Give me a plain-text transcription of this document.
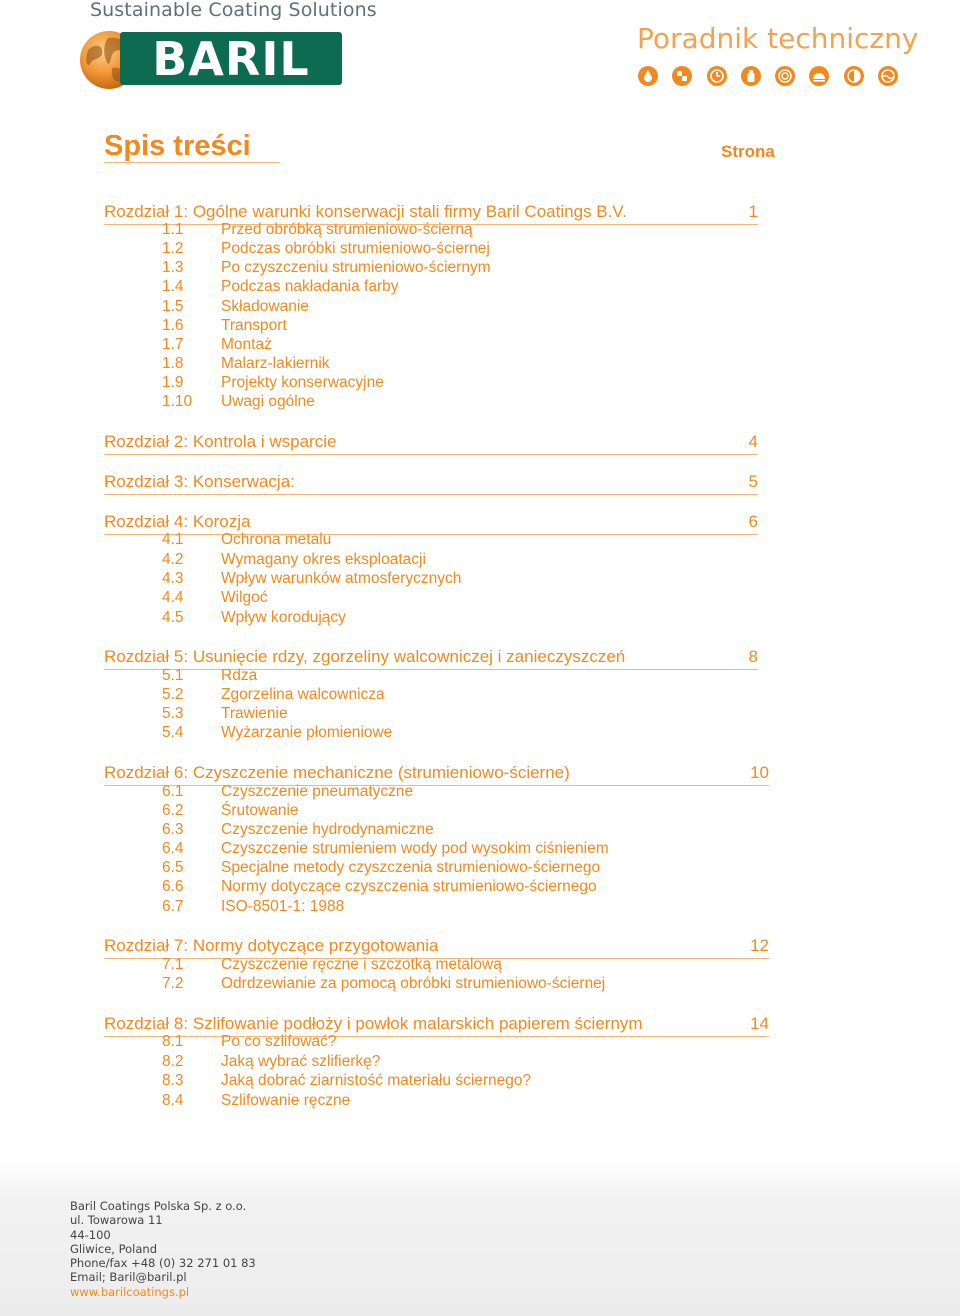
Sustainable Coating Solutions
BARIL	Poradnik techniczny
Spis treści	Strona
Rozdział 1: Ogólne warunki konserwacji stali firmy Baril Coatings B.V.	1
1.1 Przed obróbką strumieniowo-ścierną
1.2 Podczas obróbki strumieniowo-ściernej
1.3 Po czyszczeniu strumieniowo-ściernym
1.4 Podczas nakładania farby
1.5 Składowanie
1.6 Transport
1.7 Montaż
1.8 Malarz-lakiernik
1.9 Projekty konserwacyjne
1.10 Uwagi ogólne
Rozdział 2: Kontrola i wsparcie	4
Rozdział 3: Konserwacja:	5
Rozdział 4: Korozja	6
4.1 Ochrona metalu
4.2 Wymagany okres eksploatacji
4.3 Wpływ warunków atmosferycznych
4.4 Wilgoć
4.5 Wpływ korodujący
Rozdział 5: Usunięcie rdzy, zgorzeliny walcowniczej i zanieczyszczeń	8
5.1 Rdza
5.2 Zgorzelina walcownicza
5.3 Trawienie
5.4 Wyżarzanie płomieniowe
Rozdział 6: Czyszczenie mechaniczne (strumieniowo-ścierne)	10
6.1 Czyszczenie pneumatyczne
6.2 Śrutowanie
6.3 Czyszczenie hydrodynamiczne
6.4 Czyszczenie strumieniem wody pod wysokim ciśnieniem
6.5 Specjalne metody czyszczenia strumieniowo-ściernego
6.6 Normy dotyczące czyszczenia strumieniowo-ściernego
6.7 ISO-8501-1: 1988
Rozdział 7: Normy dotyczące przygotowania	12
7.1 Czyszczenie ręczne i szczotką metalową
7.2 Odrdzewianie za pomocą obróbki strumieniowo-ściernej
Rozdział 8: Szlifowanie podłoży i powłok malarskich papierem ściernym	14
8.1 Po co szlifować?
8.2 Jaką wybrać szlifierkę?
8.3 Jaką dobrać ziarnistość materiału ściernego?
8.4 Szlifowanie ręczne
Baril Coatings Polska Sp. z o.o.
ul. Towarowa 11
44-100
Gliwice, Poland
Phone/fax +48 (0) 32 271 01 83
Email; Baril@baril.pl
www.barilcoatings.pl
